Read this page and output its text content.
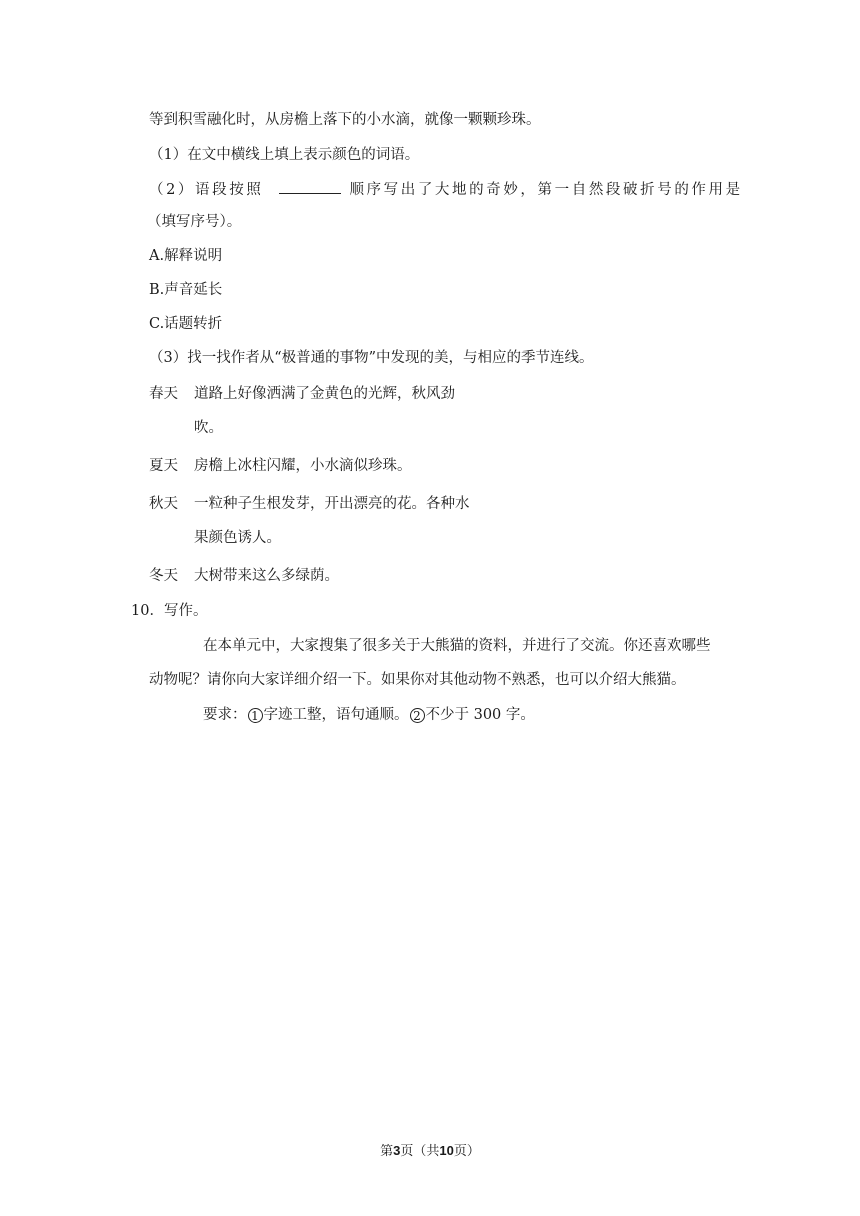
等到积雪融化时，从房檐上落下的小水滴，就像一颗颗珍珠。
（1）在文中横线上填上表示颜色的词语。
（2）语段按照	顺序写出了大地的奇妙，第一自然段破折号的作用是
（填写序号）。
A.解释说明
B.声音延长
C.话题转折
（3）找一找作者从“极普通的事物”中发现的美，与相应的季节连线。
春天 道路上好像洒满了金黄色的光辉，秋风劲
吹。
夏天 房檐上冰柱闪耀，小水滴似珍珠。
秋天 一粒种子生根发芽，开出漂亮的花。各种水
果颜色诱人。
冬天 大树带来这么多绿荫。
10．写作。
在本单元中，大家搜集了很多关于大熊猫的资料，并进行了交流。你还喜欢哪些
动物呢？请你向大家详细介绍一下。如果你对其他动物不熟悉，也可以介绍大熊猫。
要求： 1 字迹工整，语句通顺。 2 不少于 300 字。
第3页（共10页）
